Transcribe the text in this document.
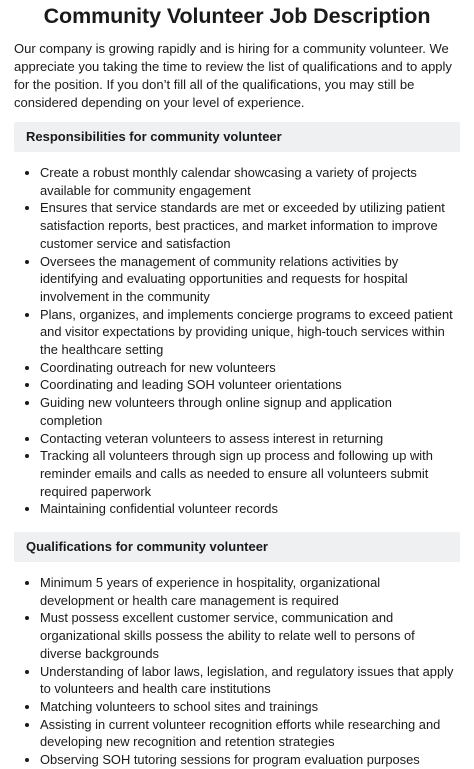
Community Volunteer Job Description

Our company is growing rapidly and is hiring for a community volunteer. We appreciate you taking the time to review the list of qualifications and to apply for the position. If you don’t fill all of the qualifications, you may still be considered depending on your level of experience.

Responsibilities for community volunteer
• Create a robust monthly calendar showcasing a variety of projects available for community engagement
• Ensures that service standards are met or exceeded by utilizing patient satisfaction reports, best practices, and market information to improve customer service and satisfaction
• Oversees the management of community relations activities by identifying and evaluating opportunities and requests for hospital involvement in the community
• Plans, organizes, and implements concierge programs to exceed patient and visitor expectations by providing unique, high-touch services within the healthcare setting
• Coordinating outreach for new volunteers
• Coordinating and leading SOH volunteer orientations
• Guiding new volunteers through online signup and application completion
• Contacting veteran volunteers to assess interest in returning
• Tracking all volunteers through sign up process and following up with reminder emails and calls as needed to ensure all volunteers submit required paperwork
• Maintaining confidential volunteer records
Qualifications for community volunteer
• Minimum 5 years of experience in hospitality, organizational development or health care management is required
• Must possess excellent customer service, communication and organizational skills possess the ability to relate well to persons of diverse backgrounds
• Understanding of labor laws, legislation, and regulatory issues that apply to volunteers and health care institutions
• Matching volunteers to school sites and trainings
• Assisting in current volunteer recognition efforts while researching and developing new recognition and retention strategies
• Observing SOH tutoring sessions for program evaluation purposes
